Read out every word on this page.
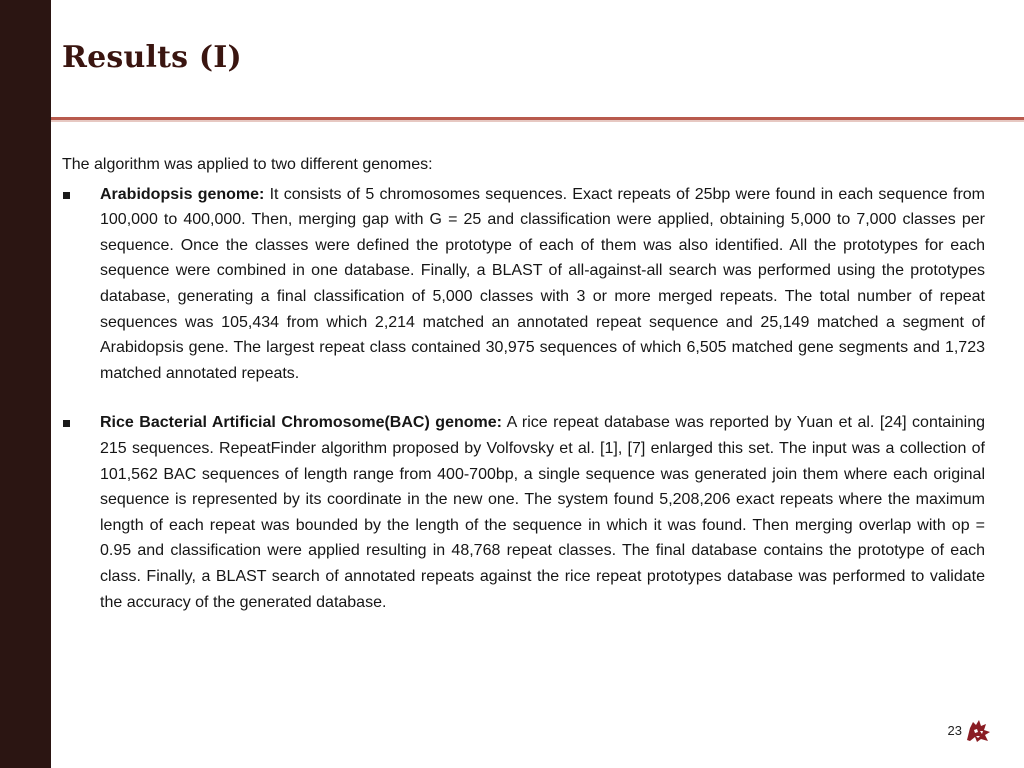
Results (I)

The algorithm was applied to two different genomes:

Arabidopsis genome: It consists of 5 chromosomes sequences. Exact repeats of 25bp were found in each sequence from 100,000 to 400,000. Then, merging gap with G = 25 and classification were applied, obtaining 5,000 to 7,000 classes per sequence. Once the classes were defined the prototype of each of them was also identified. All the prototypes for each sequence were combined in one database. Finally, a BLAST of all-against-all search was performed using the prototypes database, generating a final classification of 5,000 classes with 3 or more merged repeats. The total number of repeat sequences was 105,434 from which 2,214 matched an annotated repeat sequence and 25,149 matched a segment of Arabidopsis gene. The largest repeat class contained 30,975 sequences of which 6,505 matched gene segments and 1,723 matched annotated repeats.

Rice Bacterial Artificial Chromosome(BAC) genome: A rice repeat database was reported by Yuan et al. [24] containing 215 sequences. RepeatFinder algorithm proposed by Volfovsky et al. [1], [7] enlarged this set. The input was a collection of 101,562 BAC sequences of length range from 400-700bp, a single sequence was generated join them where each original sequence is represented by its coordinate in the new one. The system found 5,208,206 exact repeats where the maximum length of each repeat was bounded by the length of the sequence in which it was found. Then merging overlap with op = 0.95 and classification were applied resulting in 48,768 repeat classes. The final database contains the prototype of each class. Finally, a BLAST search of annotated repeats against the rice repeat prototypes database was performed to validate the accuracy of the generated database.

23
